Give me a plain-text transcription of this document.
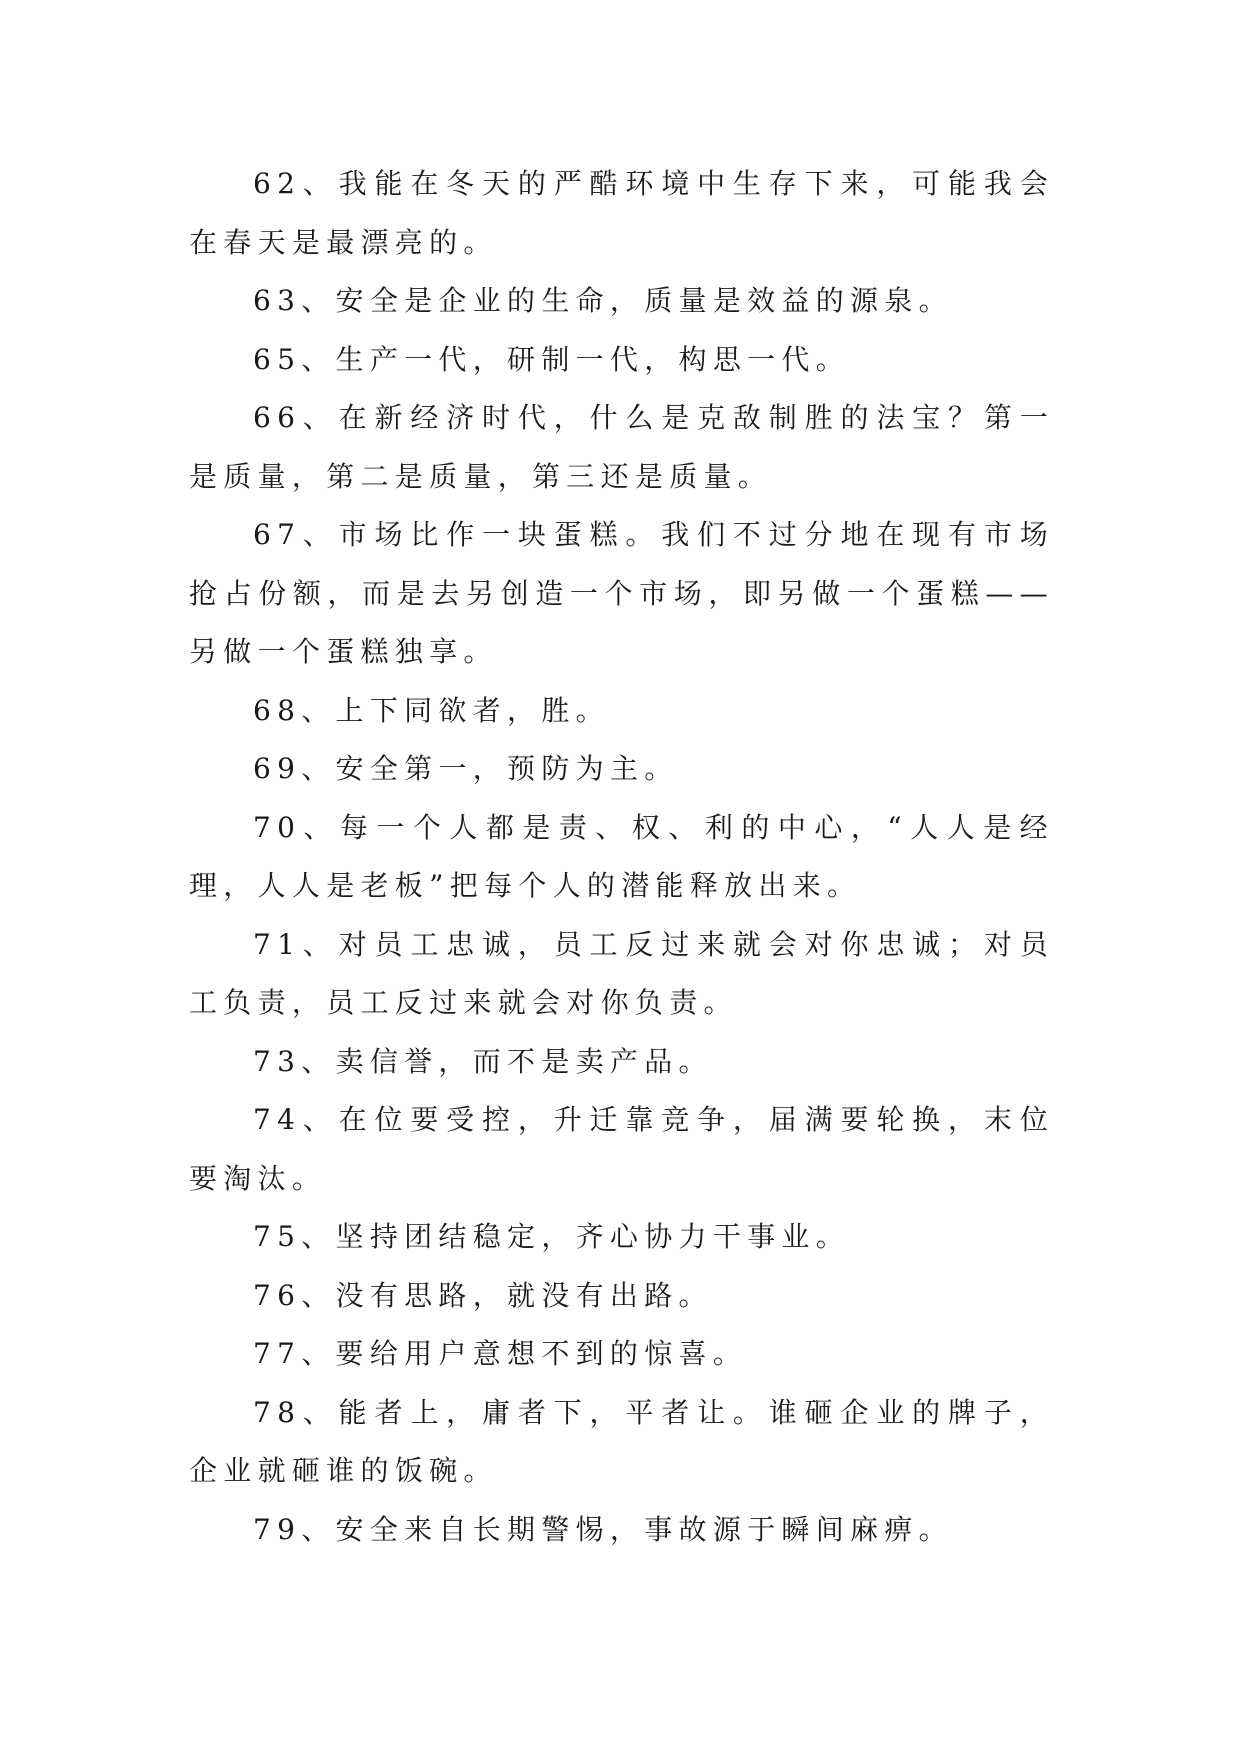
62、我能在冬天的严酷环境中生存下来，可能我会在春天是最漂亮的。

63、安全是企业的生命，质量是效益的源泉。

65、生产一代，研制一代，构思一代。

66、在新经济时代，什么是克敌制胜的法宝？第一是质量，第二是质量，第三还是质量。

67、市场比作一块蛋糕。我们不过分地在现有市场抢占份额，而是去另创造一个市场，即另做一个蛋糕——另做一个蛋糕独享。

68、上下同欲者，胜。

69、安全第一，预防为主。

70、每一个人都是责、权、利的中心，“人人是经理，人人是老板”把每个人的潜能释放出来。

71、对员工忠诚，员工反过来就会对你忠诚；对员工负责，员工反过来就会对你负责。

73、卖信誉，而不是卖产品。

74、在位要受控，升迁靠竞争，届满要轮换，末位要淘汰。

75、坚持团结稳定，齐心协力干事业。

76、没有思路，就没有出路。

77、要给用户意想不到的惊喜。

78、能者上，庸者下，平者让。谁砸企业的牌子，企业就砸谁的饭碗。

79、安全来自长期警惕，事故源于瞬间麻痹。
